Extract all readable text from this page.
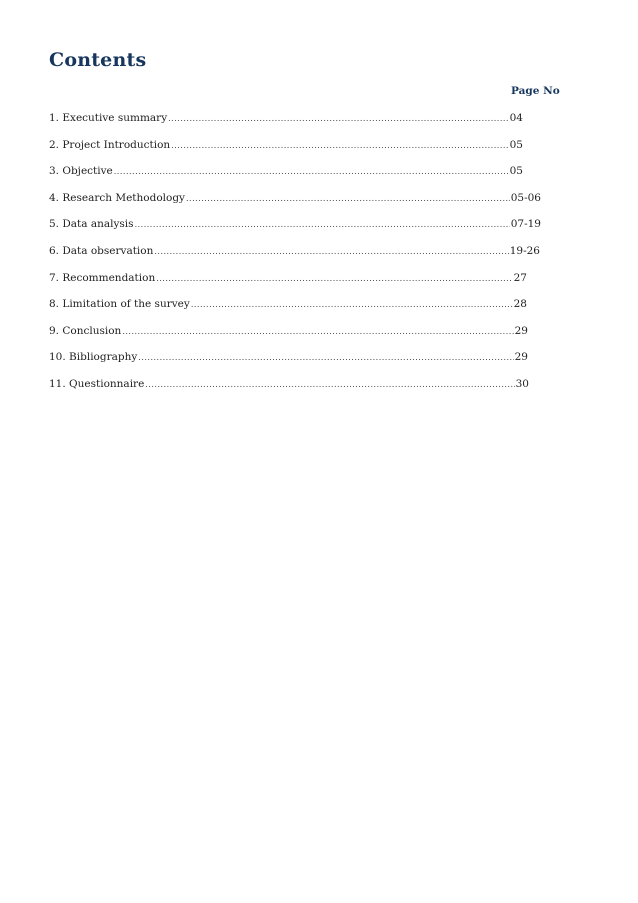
Contents
Page No
1. Executive summary .....	04
2. Project Introduction .....	05
3. Objective .....	05
4. Research Methodology .....	05-06
5. Data analysis .....	07-19
6. Data observation .....	19-26
7. Recommendation .....	27
8. Limitation of the survey .....	28
9. Conclusion .....	29
10. Bibliography .....	29
11. Questionnaire .....	30
